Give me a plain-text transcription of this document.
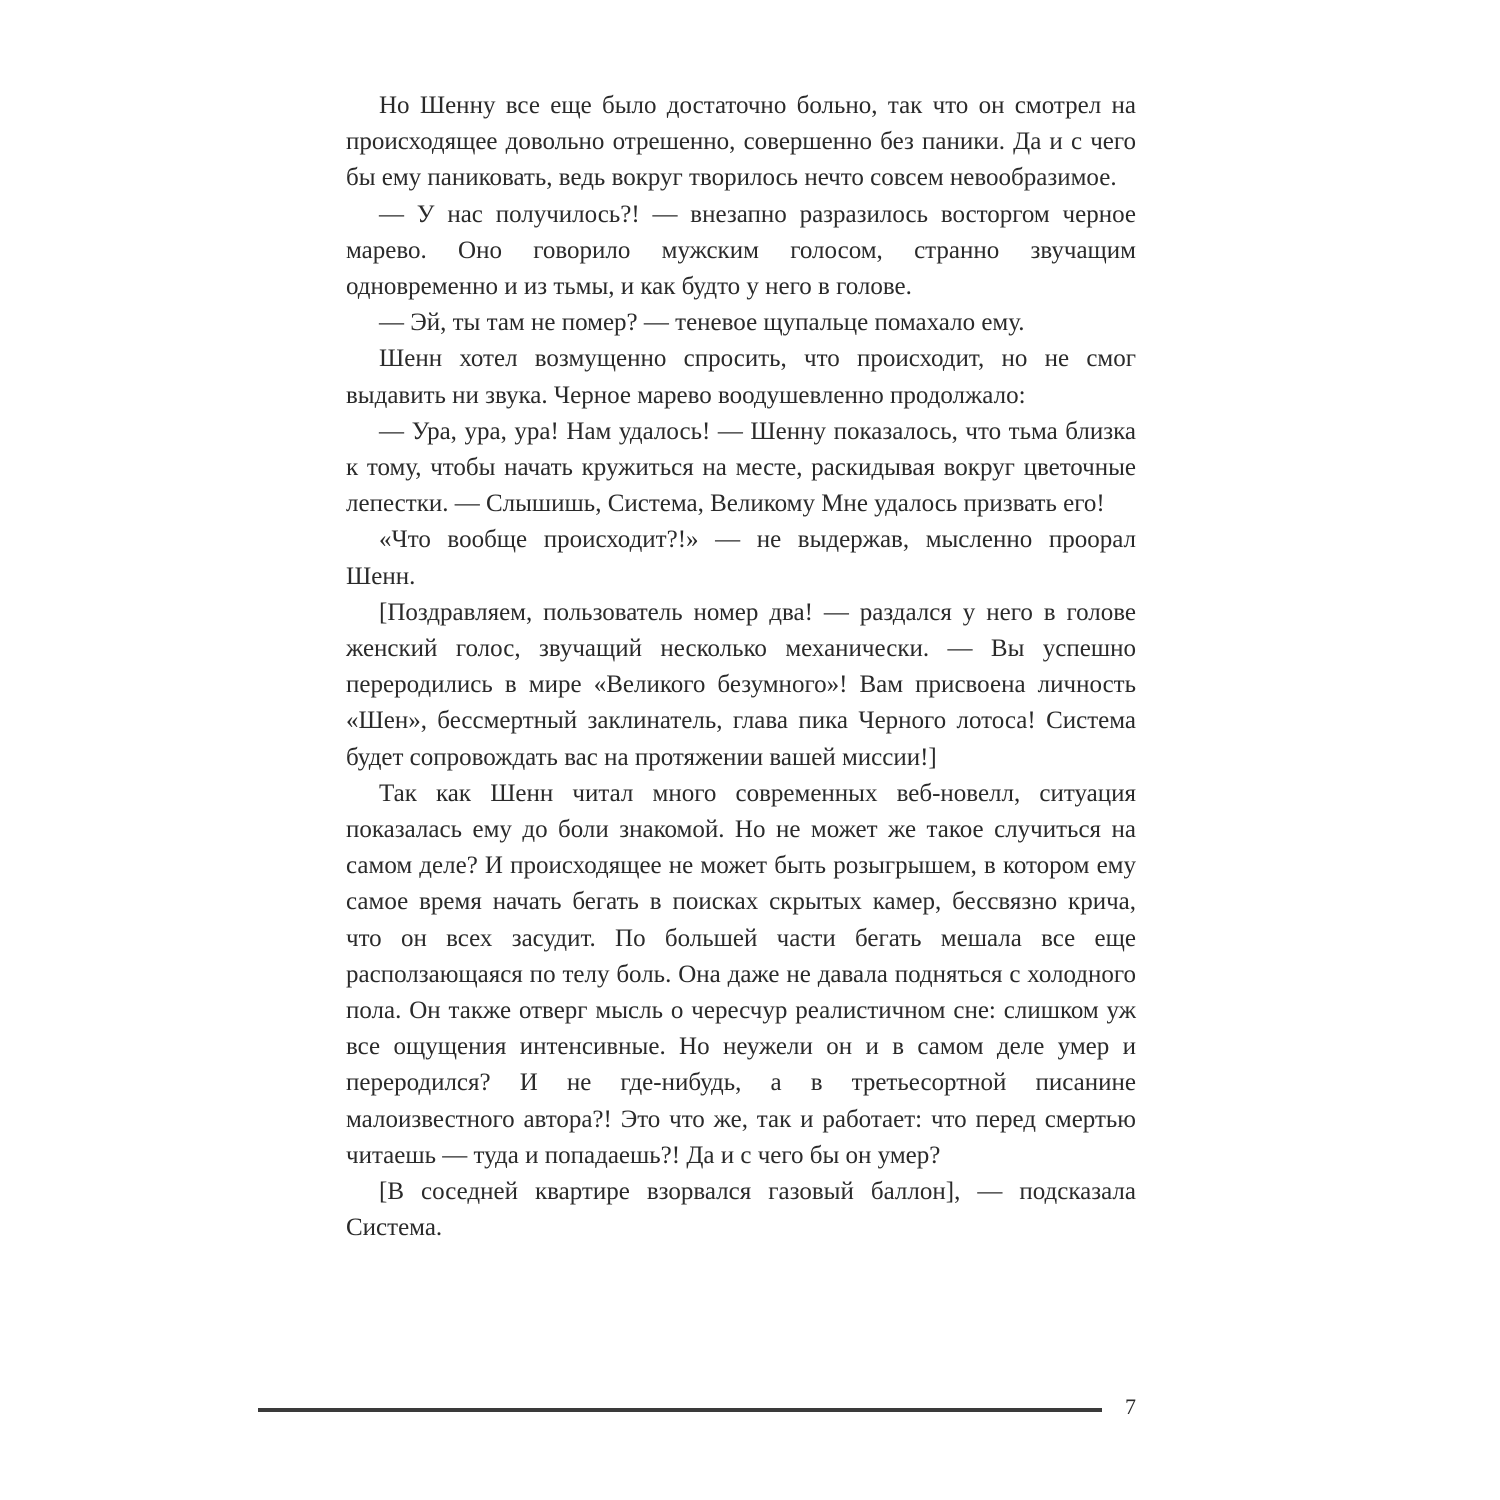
Но Шенну все еще было достаточно больно, так что он смотрел на происходящее довольно отрешенно, совершенно без паники. Да и с чего бы ему паниковать, ведь вокруг творилось нечто совсем невообразимое.

— У нас получилось?! — внезапно разразилось восторгом черное марево. Оно говорило мужским голосом, странно звучащим одновременно и из тьмы, и как будто у него в голове.

— Эй, ты там не помер? — теневое щупальце помахало ему.

Шенн хотел возмущенно спросить, что происходит, но не смог выдавить ни звука. Черное марево воодушевленно продолжало:

— Ура, ура, ура! Нам удалось! — Шенну показалось, что тьма близка к тому, чтобы начать кружиться на месте, раскидывая вокруг цветочные лепестки. — Слышишь, Система, Великому Мне удалось призвать его!

«Что вообще происходит?!» — не выдержав, мысленно проорал Шенн.

[Поздравляем, пользователь номер два! — раздался у него в голове женский голос, звучащий несколько механически. — Вы успешно переродились в мире «Великого безумного»! Вам присвоена личность «Шен», бессмертный заклинатель, глава пика Черного лотоса! Система будет сопровождать вас на протяжении вашей миссии!]

Так как Шенн читал много современных веб-новелл, ситуация показалась ему до боли знакомой. Но не может же такое случиться на самом деле? И происходящее не может быть розыгрышем, в котором ему самое время начать бегать в поисках скрытых камер, бессвязно крича, что он всех засудит. По большей части бегать мешала все еще расползающаяся по телу боль. Она даже не давала подняться с холодного пола. Он также отверг мысль о чересчур реалистичном сне: слишком уж все ощущения интенсивные. Но неужели он и в самом деле умер и переродился? И не где-нибудь, а в третьесортной писанине малоизвестного автора?! Это что же, так и работает: что перед смертью читаешь — туда и попадаешь?! Да и с чего бы он умер?

[В соседней квартире взорвался газовый баллон], — подсказала Система.

7
